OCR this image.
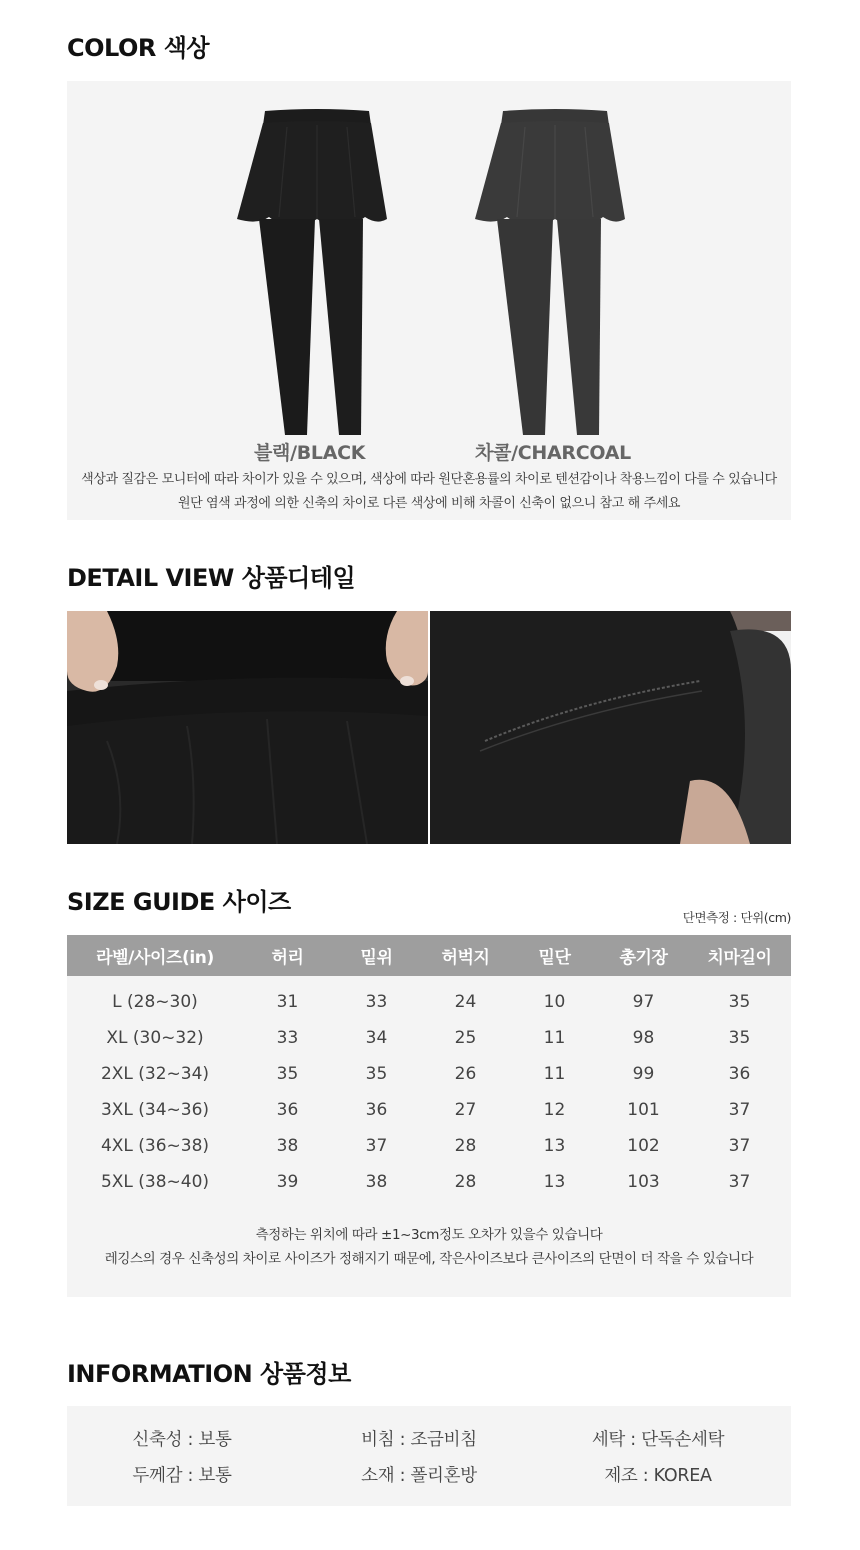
COLOR 색상
블랙/BLACK	차콜/CHARCOAL
색상과 질감은 모니터에 따라 차이가 있을 수 있으며, 색상에 따라 원단혼용률의 차이로 텐션감이나 착용느낌이 다를 수 있습니다
원단 염색 과정에 의한 신축의 차이로 다른 색상에 비해 차콜이 신축이 없으니 참고 해 주세요
DETAIL VIEW 상품디테일
SIZE GUIDE 사이즈
단면측정 : 단위(cm)
라벨/사이즈(in)	허리	밑위	허벅지	밑단	총기장	치마길이
L (28~30)	31	33	24	10	97	35
XL (30~32)	33	34	25	11	98	35
2XL (32~34)	35	35	26	11	99	36
3XL (34~36)	36	36	27	12	101	37
4XL (36~38)	38	37	28	13	102	37
5XL (38~40)	39	38	28	13	103	37
측정하는 위치에 따라 ±1~3cm정도 오차가 있을수 있습니다
레깅스의 경우 신축성의 차이로 사이즈가 정해지기 때문에, 작은사이즈보다 큰사이즈의 단면이 더 작을 수 있습니다
INFORMATION 상품정보
신축성 : 보통	비침 : 조금비침	세탁 : 단독손세탁
두께감 : 보통	소재 : 폴리혼방	제조 : KOREA
